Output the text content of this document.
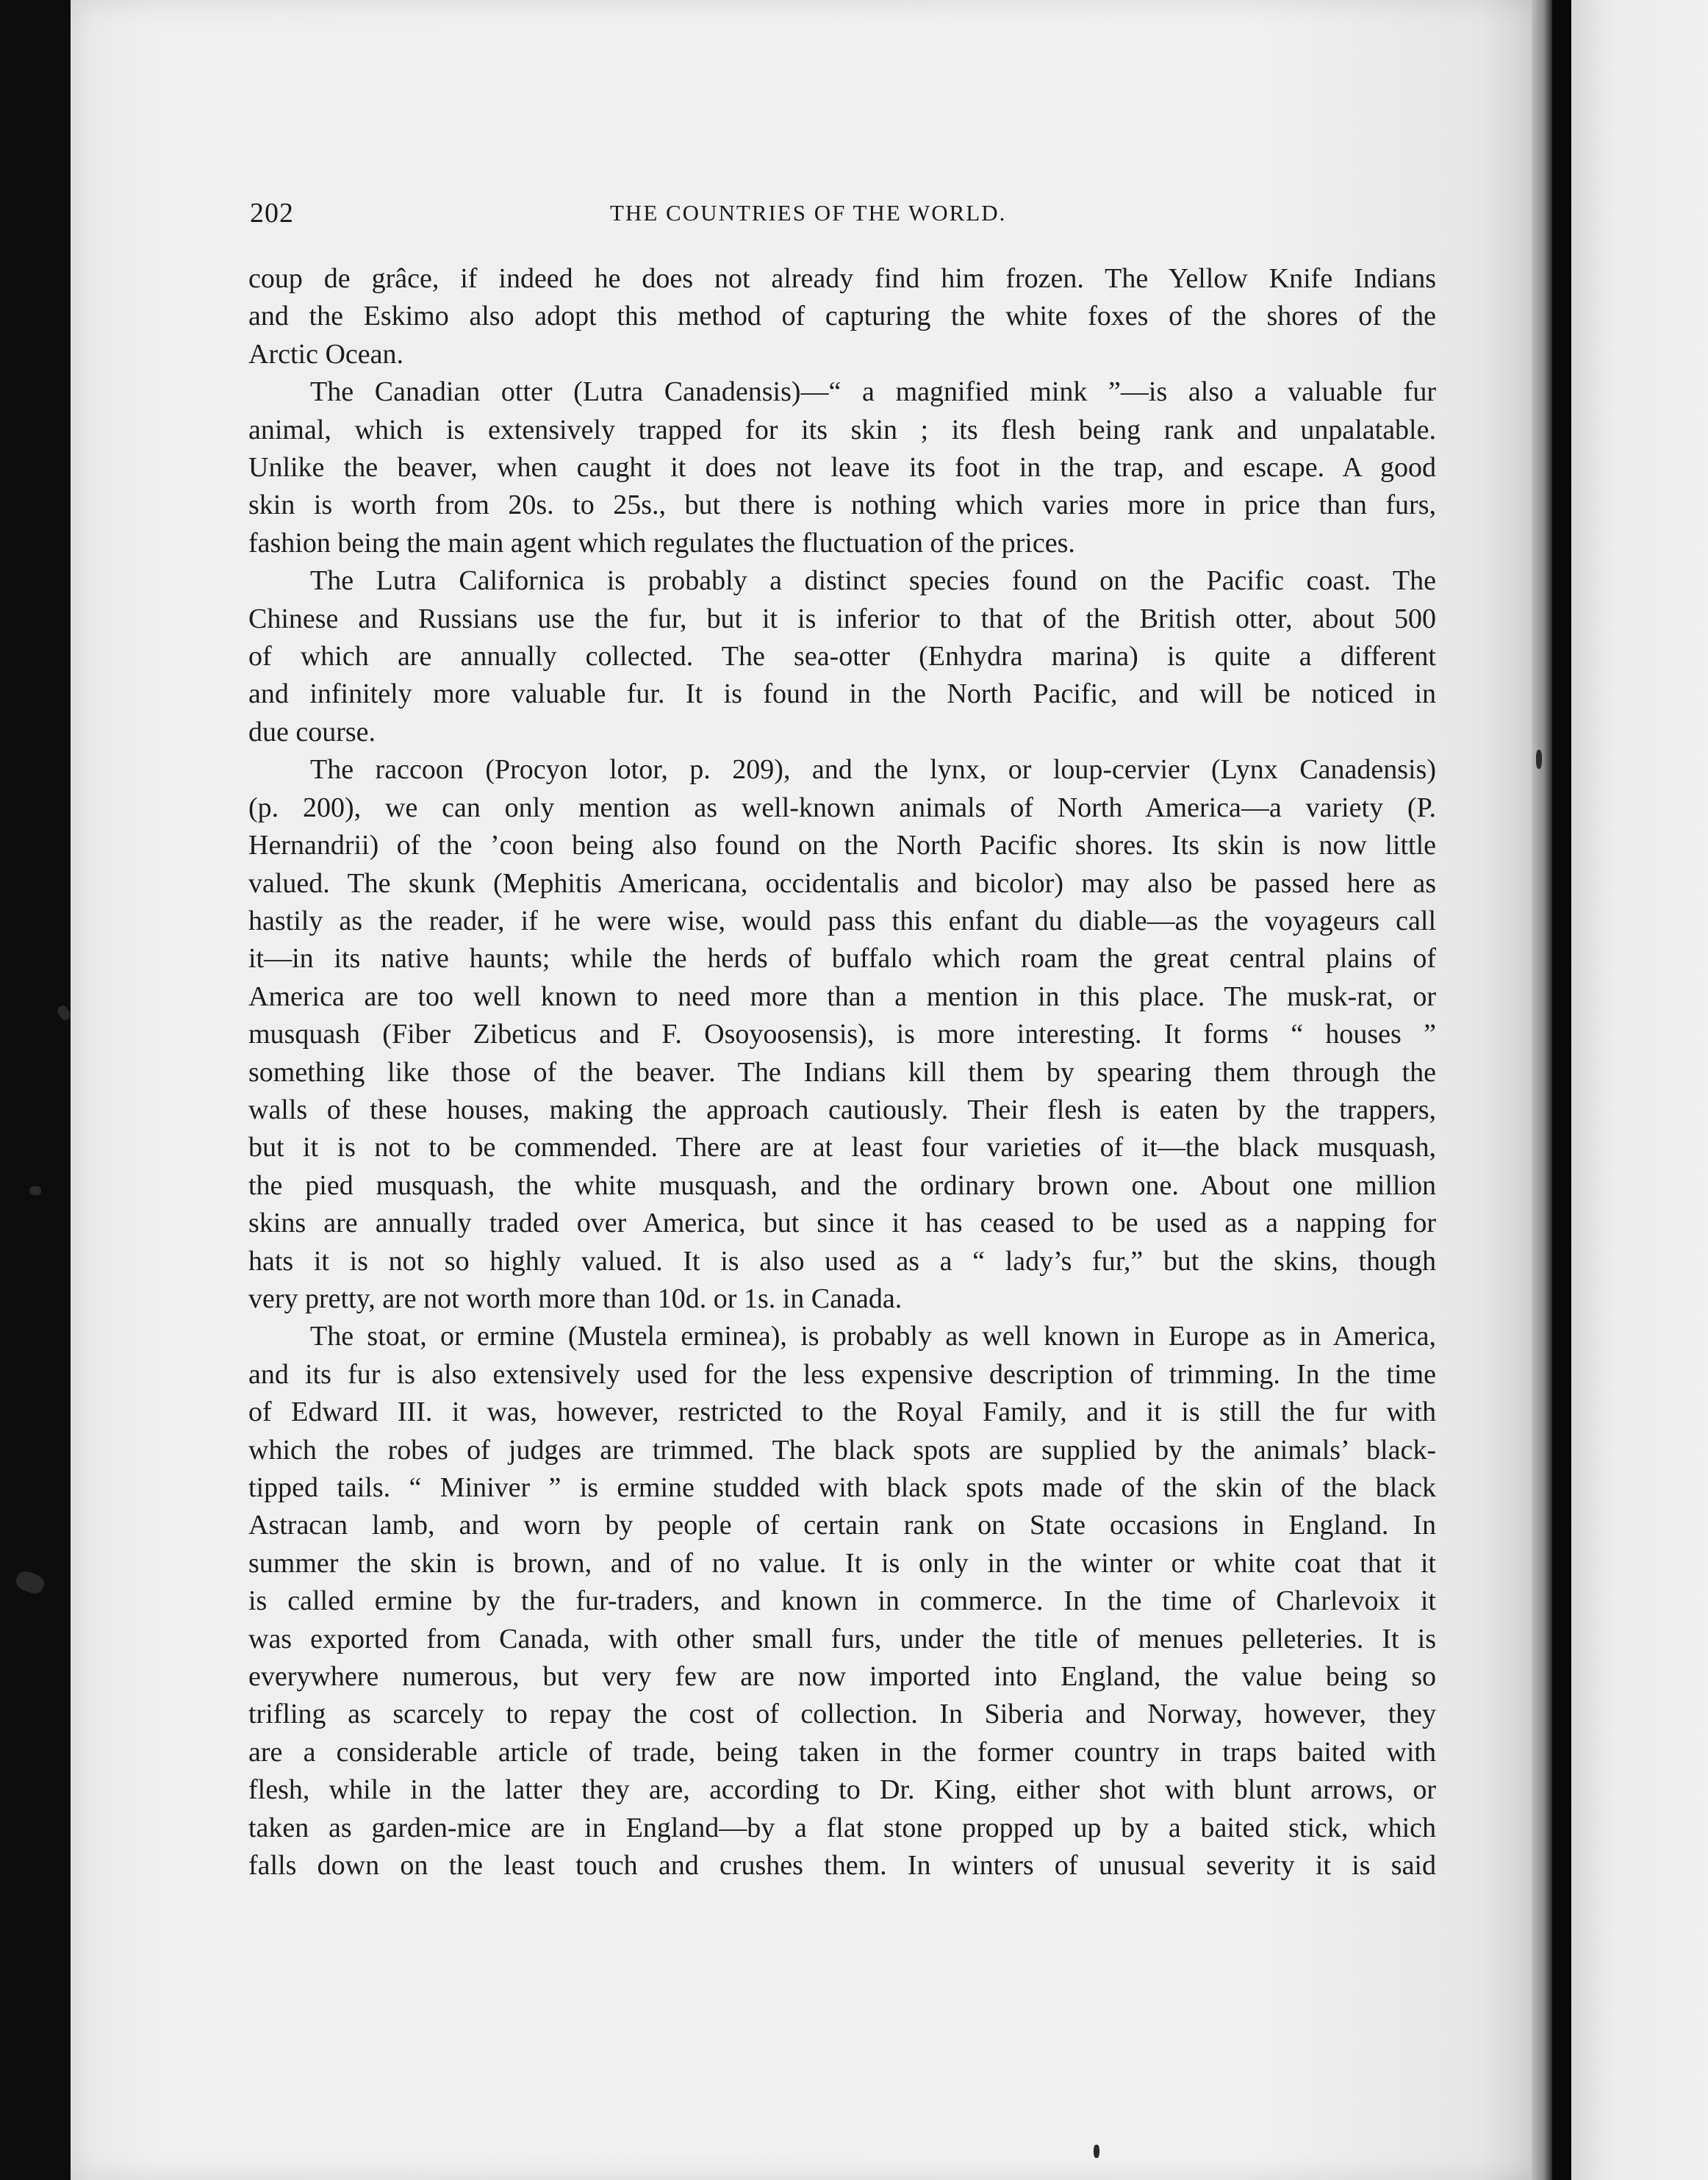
202	THE COUNTRIES OF THE WORLD.
coup de grâce, if indeed he does not already find him frozen. The Yellow Knife Indians
and the Eskimo also adopt this method of capturing the white foxes of the shores of the
Arctic Ocean.
The Canadian otter (Lutra Canadensis)—“ a magnified mink ”—is also a valuable fur
animal, which is extensively trapped for its skin ; its flesh being rank and unpalatable.
Unlike the beaver, when caught it does not leave its foot in the trap, and escape. A good
skin is worth from 20s. to 25s., but there is nothing which varies more in price than furs,
fashion being the main agent which regulates the fluctuation of the prices.
The Lutra Californica is probably a distinct species found on the Pacific coast. The
Chinese and Russians use the fur, but it is inferior to that of the British otter, about 500
of which are annually collected. The sea-otter (Enhydra marina) is quite a different
and infinitely more valuable fur. It is found in the North Pacific, and will be noticed in
due course.
The raccoon (Procyon lotor, p. 209), and the lynx, or loup-cervier (Lynx Canadensis)
(p. 200), we can only mention as well-known animals of North America—a variety (P.
Hernandrii) of the ’coon being also found on the North Pacific shores. Its skin is now little
valued. The skunk (Mephitis Americana, occidentalis and bicolor) may also be passed here as
hastily as the reader, if he were wise, would pass this enfant du diable—as the voyageurs call
it—in its native haunts; while the herds of buffalo which roam the great central plains of
America are too well known to need more than a mention in this place. The musk-rat, or
musquash (Fiber Zibeticus and F. Osoyoosensis), is more interesting. It forms “ houses ”
something like those of the beaver. The Indians kill them by spearing them through the
walls of these houses, making the approach cautiously. Their flesh is eaten by the trappers,
but it is not to be commended. There are at least four varieties of it—the black musquash,
the pied musquash, the white musquash, and the ordinary brown one. About one million
skins are annually traded over America, but since it has ceased to be used as a napping for
hats it is not so highly valued. It is also used as a “ lady’s fur,” but the skins, though
very pretty, are not worth more than 10d. or 1s. in Canada.
The stoat, or ermine (Mustela erminea), is probably as well known in Europe as in America,
and its fur is also extensively used for the less expensive description of trimming. In the time
of Edward III. it was, however, restricted to the Royal Family, and it is still the fur with
which the robes of judges are trimmed. The black spots are supplied by the animals’ black-
tipped tails. “ Miniver ” is ermine studded with black spots made of the skin of the black
Astracan lamb, and worn by people of certain rank on State occasions in England. In
summer the skin is brown, and of no value. It is only in the winter or white coat that it
is called ermine by the fur-traders, and known in commerce. In the time of Charlevoix it
was exported from Canada, with other small furs, under the title of menues pelleteries. It is
everywhere numerous, but very few are now imported into England, the value being so
trifling as scarcely to repay the cost of collection. In Siberia and Norway, however, they
are a considerable article of trade, being taken in the former country in traps baited with
flesh, while in the latter they are, according to Dr. King, either shot with blunt arrows, or
taken as garden-mice are in England—by a flat stone propped up by a baited stick, which
falls down on the least touch and crushes them. In winters of unusual severity it is said
